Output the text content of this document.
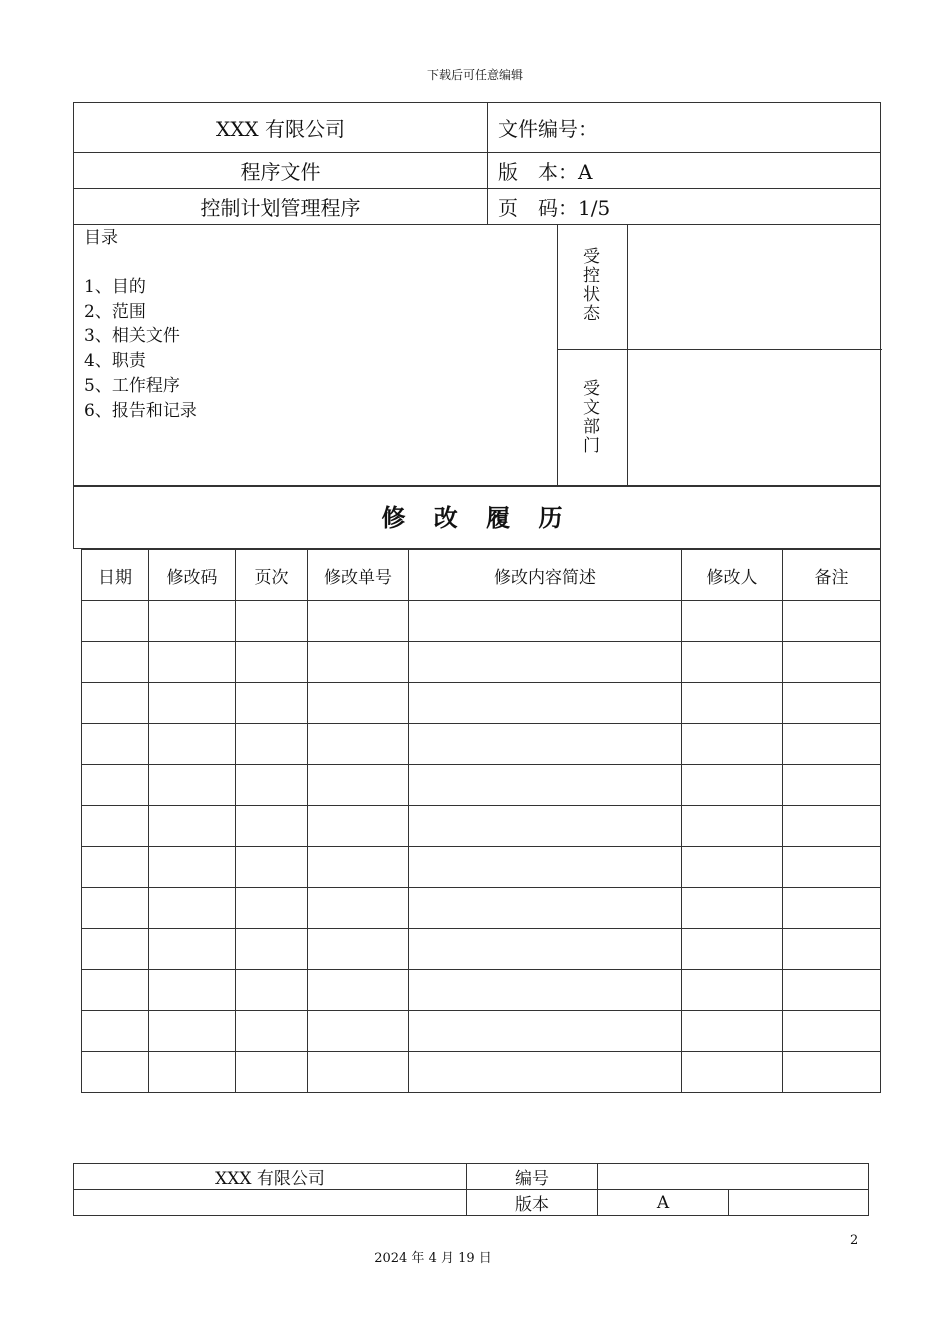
下载后可任意编辑
XXX 有限公司	文件编号：
程序文件	版　本：A
控制计划管理程序	页　码：1/5
目录
1、目的
2、范围
3、相关文件
4、职责
5、工作程序
6、报告和记录
受
控
状
态
受
文
部
门
修 改 履 历
日期	修改码	页次	修改单号	修改内容简述	修改人	备注

XXX 有限公司	编号		
	版本	A	
2
2024 年 4 月 19 日
